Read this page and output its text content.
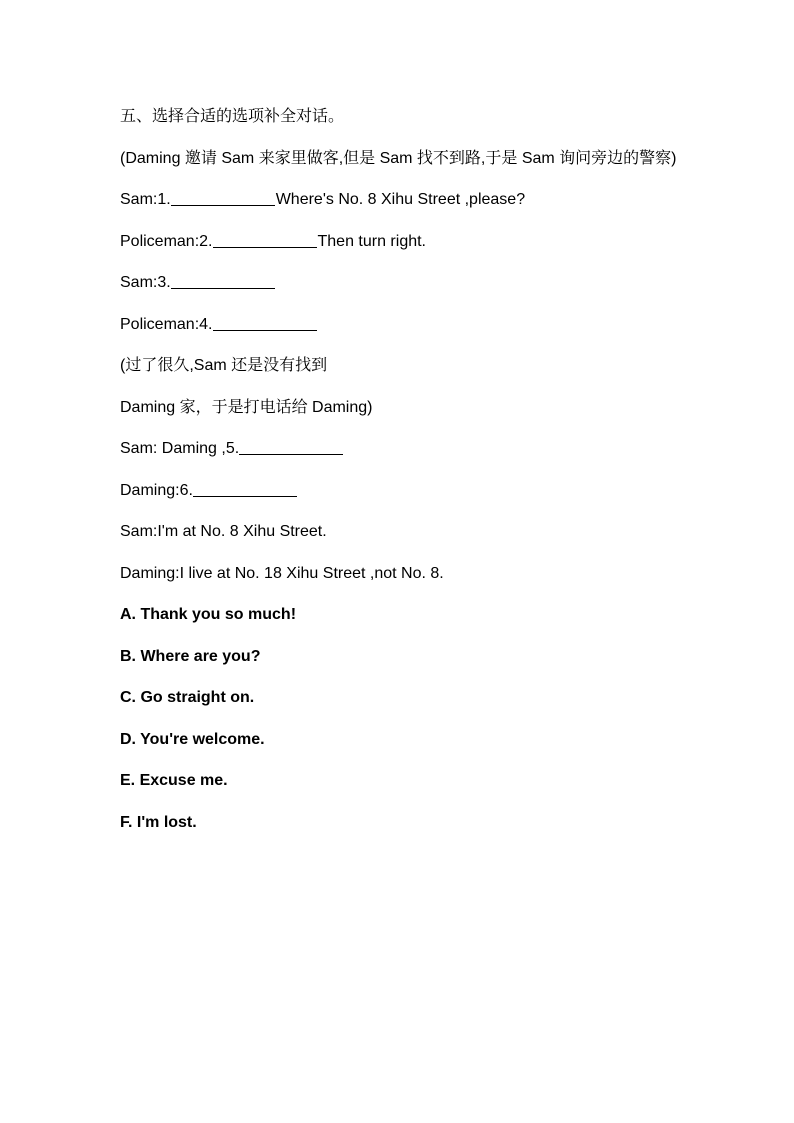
五、选择合适的选项补全对话。
(Daming 邀请 Sam 来家里做客,但是 Sam 找不到路,于是 Sam 询问旁边的警察)
Sam:1.	Where's No. 8 Xihu Street ,please?
Policeman:2.	Then turn right.
Sam:3.
Policeman:4.
(过了很久,Sam 还是没有找到
Daming 家，于是打电话给 Daming)
Sam: Daming ,5.
Daming:6.
Sam:I'm at No. 8 Xihu Street.
Daming:I live at No. 18 Xihu Street ,not No. 8.
A. Thank you so much!
B. Where are you?
C. Go straight on.
D. You're welcome.
E. Excuse me.
F. I'm lost.
